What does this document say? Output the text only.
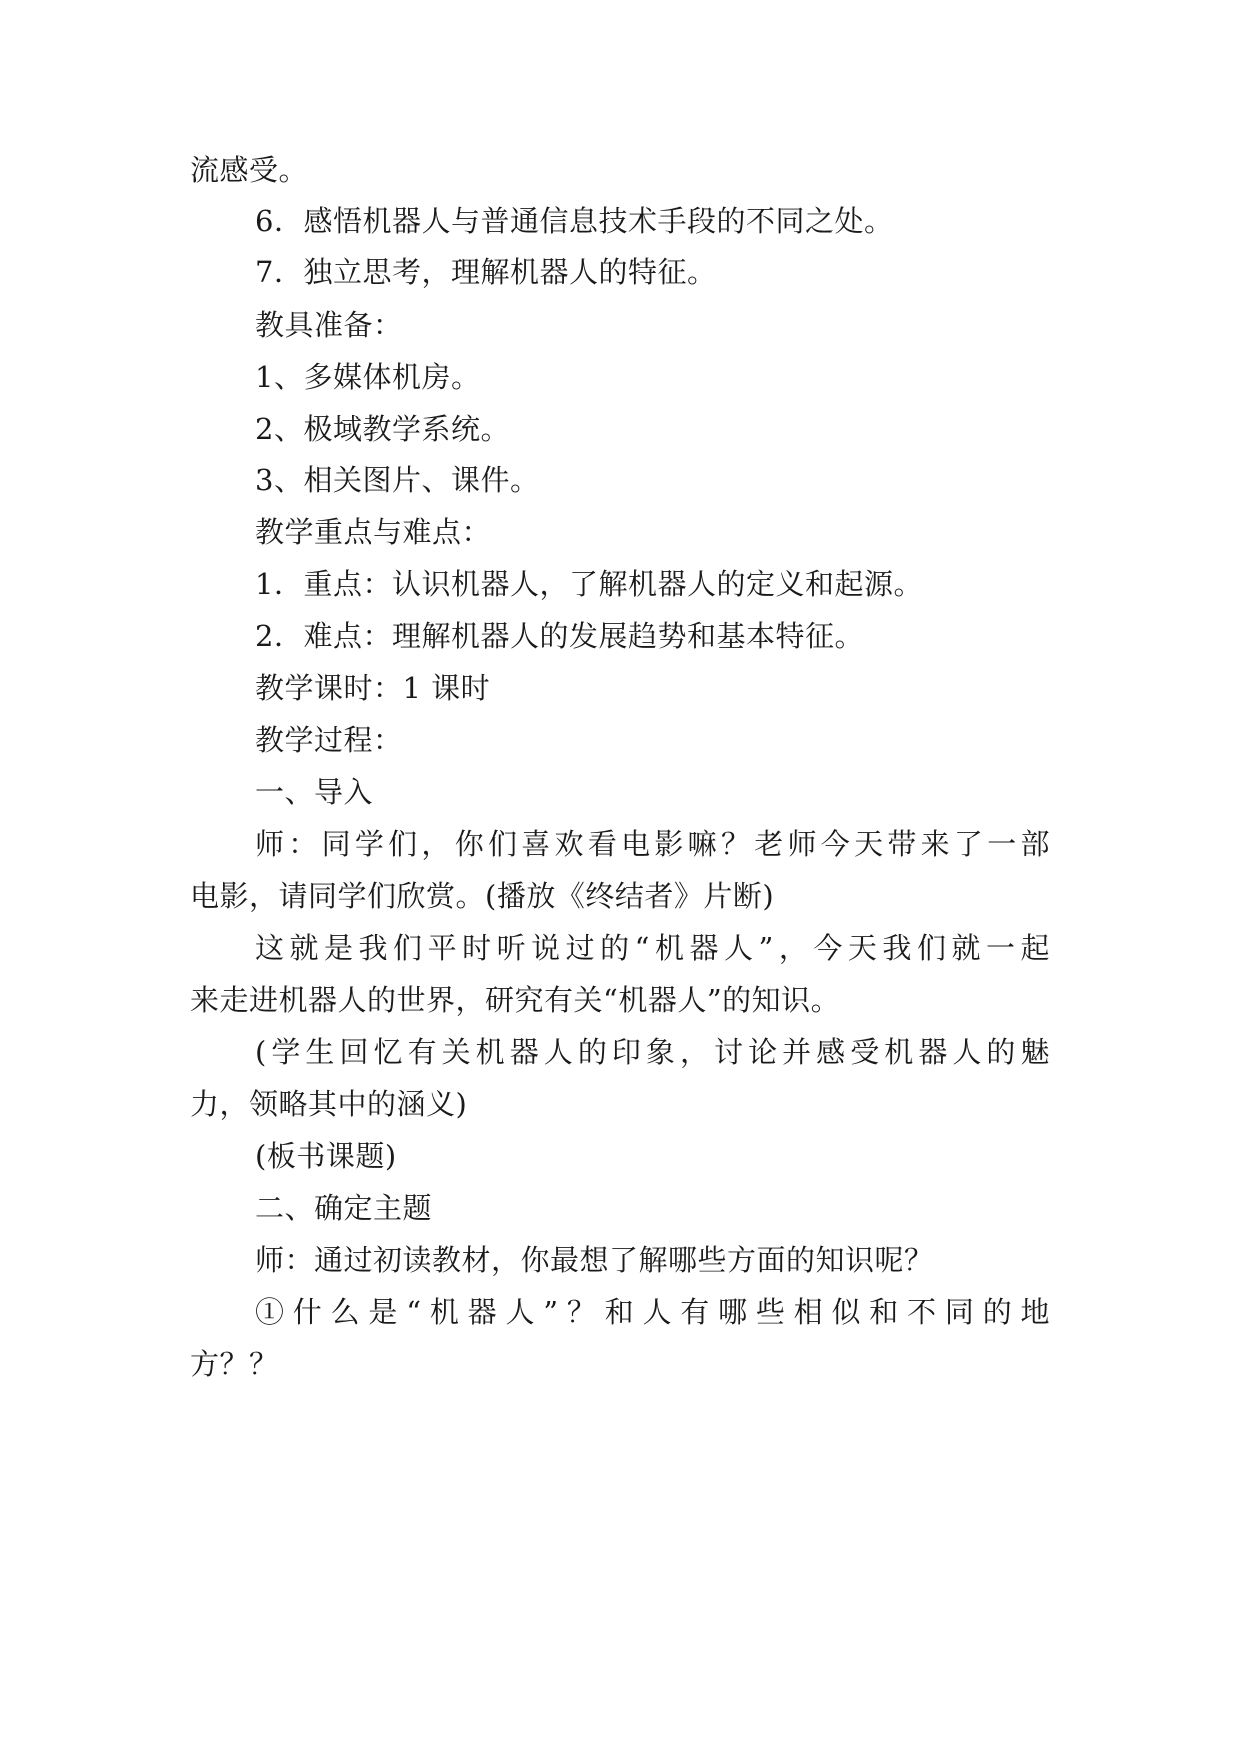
流感受。
6．感悟机器人与普通信息技术手段的不同之处。
7．独立思考，理解机器人的特征。
教具准备：
1、多媒体机房。
2、极域教学系统。
3、相关图片、课件。
教学重点与难点：
1．重点：认识机器人，了解机器人的定义和起源。
2．难点：理解机器人的发展趋势和基本特征。
教学课时：1 课时
教学过程：
一、导入
师：同学们，你们喜欢看电影嘛？老师今天带来了一部
电影，请同学们欣赏。(播放《终结者》片断)
这就是我们平时听说过的“机器人”，今天我们就一起
来走进机器人的世界，研究有关“机器人”的知识。
(学生回忆有关机器人的印象，讨论并感受机器人的魅
力，领略其中的涵义)
(板书课题)
二、确定主题
师：通过初读教材，你最想了解哪些方面的知识呢？
①什么是“机器人”？和人有哪些相似和不同的地
方？？
